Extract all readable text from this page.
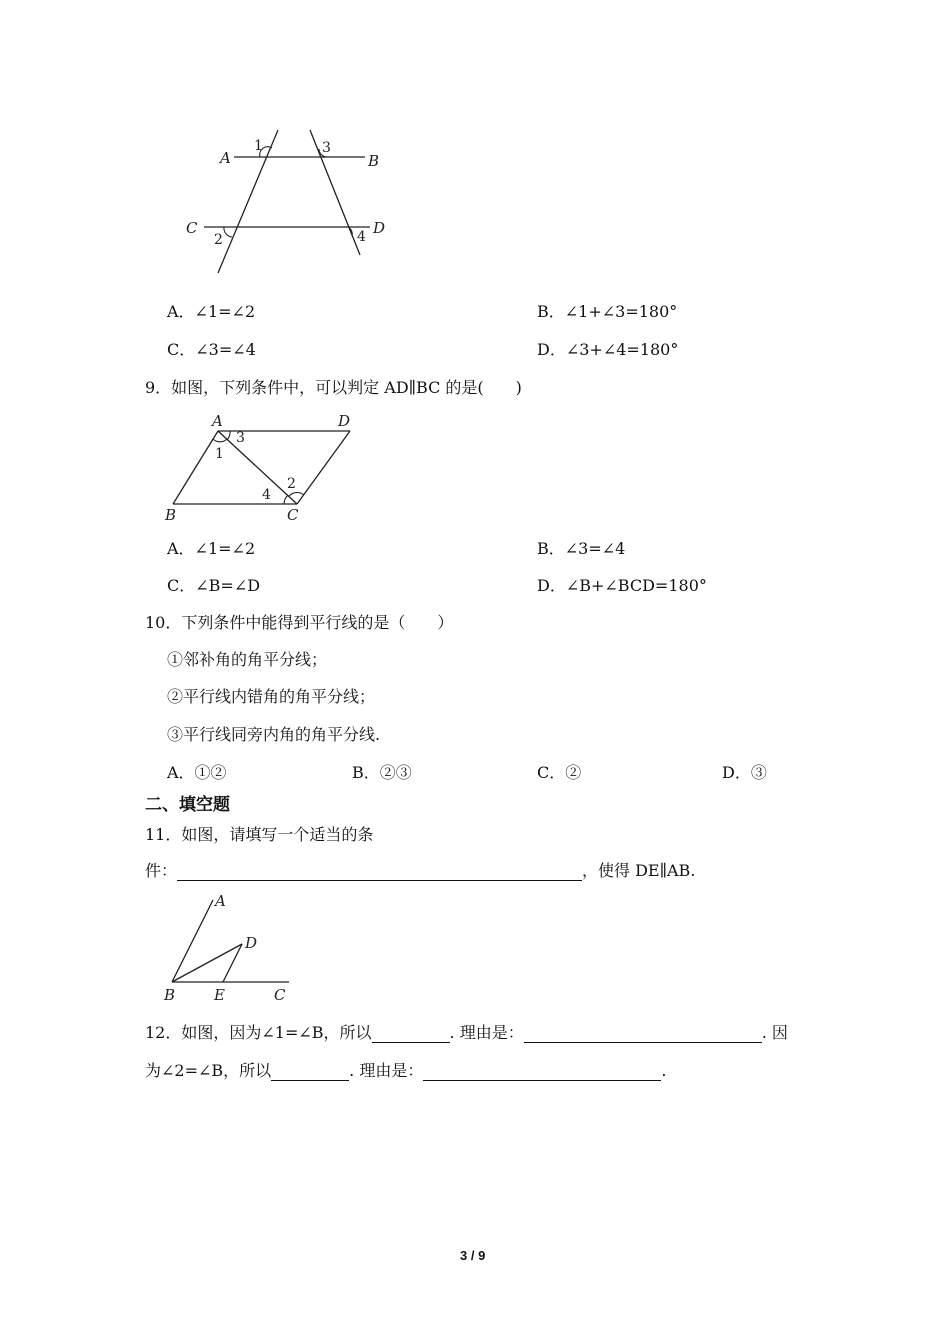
A	B
C	D
1	3
2	4
A．∠1=∠2	B．∠1+∠3=180°
C．∠3=∠4	D．∠3+∠4=180°
9．如图，下列条件中，可以判定 AD∥BC 的是(　　)
A	D
B	C
1
3
4
2
A．∠1=∠2	B．∠3=∠4
C．∠B=∠D	D．∠B+∠BCD=180°
10．下列条件中能得到平行线的是（　　）
①邻补角的角平分线；
②平行线内错角的角平分线；
③平行线同旁内角的角平分线.
A．①②	B．②③	C．②	D．③
二、填空题
11．如图，请填写一个适当的条
件：	，使得 DE∥AB.
A
D
B	E	C
12．如图，因为∠1=∠B，所以	. 理由是：	. 因
为∠2=∠B，所以	. 理由是：	.
3 / 9
